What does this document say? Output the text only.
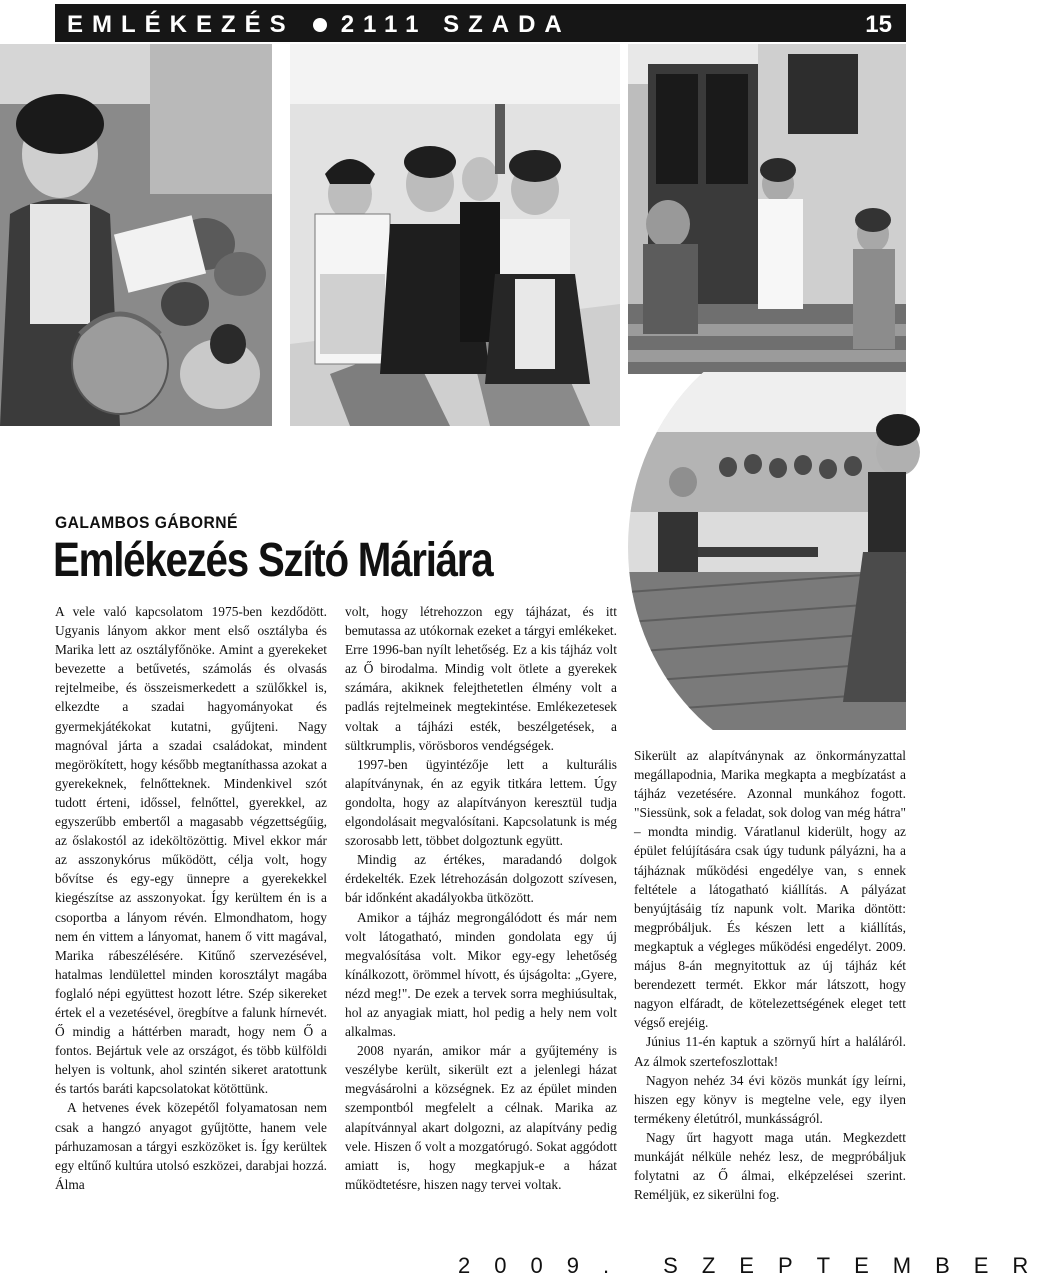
EMLÉKEZÉS 2111 SZADA	15
GALAMBOS GÁBORNÉ
Emlékezés Szító Máriára

A vele való kapcsolatom 1975-ben kezdődött. Ugyanis lányom akkor ment első osztályba és Marika lett az osztályfőnöke. Amint a gyerekeket bevezette a betűvetés, számolás és olvasás rejtelmeibe, és összeismerkedett a szülőkkel is, elkezdte a szadai hagyományokat és gyermekjátékokat kutatni, gyűjteni. Nagy magnóval járta a szadai családokat, mindent megörökített, hogy később megtaníthassa azokat a gyerekeknek, felnőtteknek. Mindenkivel szót tudott érteni, időssel, felnőttel, gyerekkel, az egyszerűbb embertől a magasabb végzettségűig, az őslakostól az ideköltözöttig. Mivel ekkor már az asszonykórus működött, célja volt, hogy bővítse és egy-egy ünnepre a gyerekekkel kiegészítse az asszonyokat. Így kerültem én is a csoportba a lányom révén. Elmondhatom, hogy nem én vittem a lányomat, hanem ő vitt magával, Marika rábeszélésére. Kitűnő szervezésével, hatalmas lendülettel minden korosztályt magába foglaló népi együttest hozott létre. Szép sikereket értek el a vezetésével, öregbítve a falunk hírnevét. Ő mindig a háttérben maradt, hogy nem Ő a fontos. Bejártuk vele az országot, és több külföldi helyen is voltunk, ahol szintén sikeret aratottunk és tartós baráti kapcsolatokat kötöttünk.

A hetvenes évek közepétől folyamatosan nem csak a hangzó anyagot gyűjtötte, hanem vele párhuzamosan a tárgyi eszközöket is. Így kerültek egy eltűnő kultúra utolsó eszközei, darabjai hozzá. Álma

volt, hogy létrehozzon egy tájházat, és itt bemutassa az utókornak ezeket a tárgyi emlékeket. Erre 1996-ban nyílt lehetőség. Ez a kis tájház volt az Ő birodalma. Mindig volt ötlete a gyerekek számára, akiknek felejthetetlen élmény volt a padlás rejtelmeinek megtekintése. Emlékezetesek voltak a tájházi esték, beszélgetések, a sültkrumplis, vörösboros vendégségek.

1997-ben ügyintézője lett a kulturális alapítványnak, én az egyik titkára lettem. Úgy gondolta, hogy az alapítványon keresztül tudja elgondolásait megvalósítani. Kapcsolatunk is még szorosabb lett, többet dolgoztunk együtt.

Mindig az értékes, maradandó dolgok érdekelték. Ezek létrehozásán dolgozott szívesen, bár időnként akadályokba ütközött.

Amikor a tájház megrongálódott és már nem volt látogatható, minden gondolata egy új megvalósítása volt. Mikor egy-egy lehetőség kínálkozott, örömmel hívott, és újságolta: „Gyere, nézd meg!". De ezek a tervek sorra meghiúsultak, hol az anyagiak miatt, hol pedig a hely nem volt alkalmas.

2008 nyarán, amikor már a gyűjtemény is veszélybe került, sikerült ezt a jelenlegi házat megvásárolni a községnek. Ez az épület minden szempontból megfelelt a célnak. Marika az alapítvánnyal akart dolgozni, az alapítvány pedig vele. Hiszen ő volt a mozgatórugó. Sokat aggódott amiatt is, hogy megkapjuk-e a házat működtetésre, hiszen nagy tervei voltak.

Sikerült az alapítványnak az önkormányzattal megállapodnia, Marika megkapta a megbízatást a tájház vezetésére. Azonnal munkához fogott. "Siessünk, sok a feladat, sok dolog van még hátra" – mondta mindig. Váratlanul kiderült, hogy az épület felújítására csak úgy tudunk pályázni, ha a tájháznak működési engedélye van, s ennek feltétele a látogatható kiállítás. A pályázat benyújtásáig tíz napunk volt. Marika döntött: megpróbáljuk. És készen lett a kiállítás, megkaptuk a végleges működési engedélyt. 2009. május 8-án megnyitottuk az új tájház két berendezett termét. Ekkor már látszott, hogy nagyon elfáradt, de kötelezettségének eleget tett végső erejéig.

Június 11-én kaptuk a szörnyű hírt a haláláról. Az álmok szertefoszlottak!

Nagyon nehéz 34 évi közös munkát így leírni, hiszen egy könyv is megtelne vele, egy ilyen termékeny életútról, munkásságról.

Nagy űrt hagyott maga után. Megkezdett munkáját nélküle nehéz lesz, de megpróbáljuk folytatni az Ő álmai, elképzelései szerint. Reméljük, ez sikerülni fog.

2009. SZEPTEMBER
